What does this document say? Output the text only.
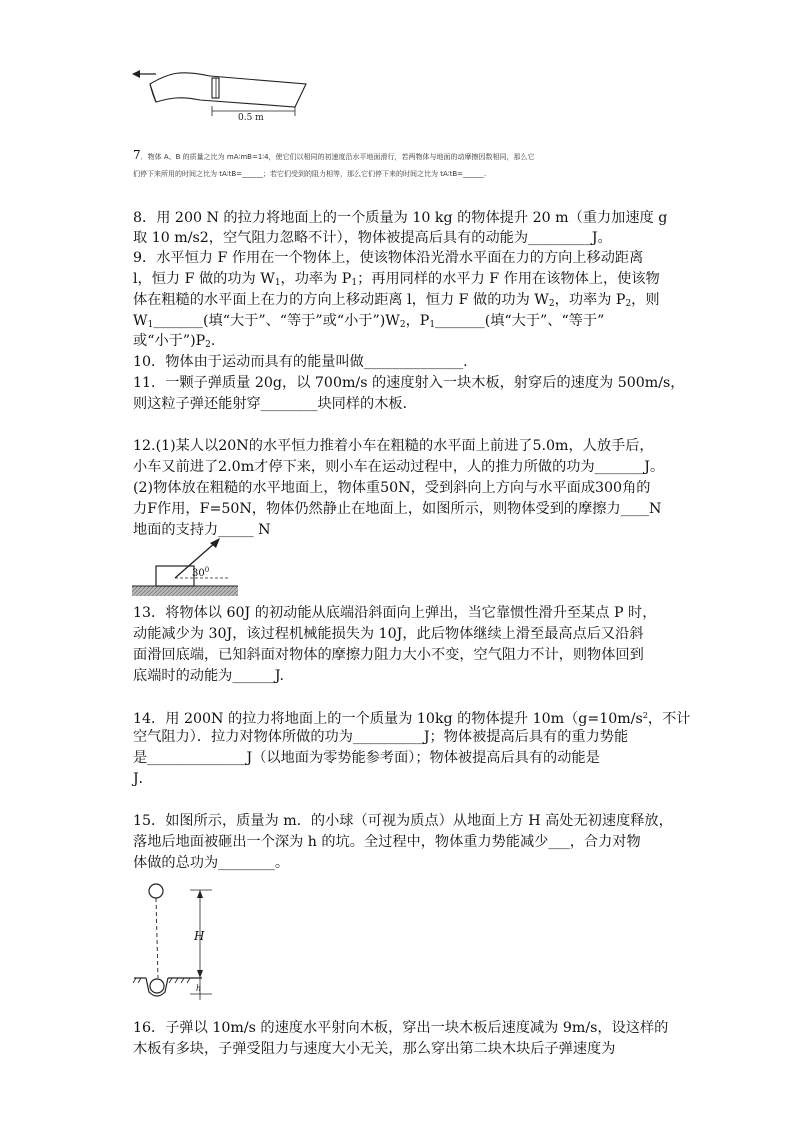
0.5 m
7．物体 A、B 的质量之比为 mA∶mB=1∶4，使它们以相同的初速度沿水平地面滑行，若两物体与地面的动摩擦因数相同，那么它
们停下来所用的时间之比为 tA∶tB=______；若它们受到的阻力相等，那么它们停下来的时间之比为 tA∶tB=______.
8．用 200 N 的拉力将地面上的一个质量为 10 kg 的物体提升 20 m（重力加速度 g
取 10 m/s2，空气阻力忽略不计），物体被提高后具有的动能为_________J。
9．水平恒力 F 作用在一个物体上，使该物体沿光滑水平面在力的方向上移动距离
l，恒力 F 做的功为 $W_1$，功率为 $P_1$；再用同样的水平力 F 作用在该物体上，使该物
体在粗糙的水平面上在力的方向上移动距离 l，恒力 F 做的功为 $W_2$，功率为 $P_2$，则
$W_1\_\_\_\_\_\_\_$(填“大于”、“等于”或“小于$”)W_2$，$P_1\_\_\_\_\_\_\_$(填“大于”、“等于”
或“小于$”)P_2$.
10．物体由于运动而具有的能量叫做______________.
11．一颗子弹质量 20g，以 700m/s 的速度射入一块木板，射穿后的速度为 500m/s，
则这粒子弹还能射穿________块同样的木板．
12.(1)某人以20N的水平恒力推着小车在粗糙的水平面上前进了5.0m，人放手后，
小车又前进了2.0m才停下来，则小车在运动过程中，人的推力所做的功为_______J。
(2)物体放在粗糙的水平地面上，物体重50N，受到斜向上方向与水平面成300角的
力F作用，F=50N，物体仍然静止在地面上，如图所示，则物体受到的摩擦力____N
地面的支持力_____ N
$30^0$
13．将物体以 60J 的初动能从底端沿斜面向上弹出，当它靠惯性滑升至某点 P 时，
动能减少为 30J，该过程机械能损失为 10J，此后物体继续上滑至最高点后又沿斜
面滑回底端，已知斜面对物体的摩擦力阻力大小不变，空气阻力不计，则物体回到
底端时的动能为______J.
14．用 200N 的拉力将地面上的一个质量为 10kg 的物体提升 $10m(g=10m/s^2$，不计
空气阻力）．拉力对物体所做的功为__________J；物体被提高后具有的重力势能
是______________J（以地面为零势能参考面）；物体被提高后具有的动能是
J．
15．如图所示，质量为 m．的小球（可视为质点）从地面上方 H 高处无初速度释放，
落地后地面被砸出一个深为 h 的坑。全过程中，物体重力势能减少___，合力对物
体做的总功为________。
H
h
16．子弹以 10m/s 的速度水平射向木板，穿出一块木板后速度减为 9m/s，设这样的
木板有多块，子弹受阻力与速度大小无关，那么穿出第二块木块后子弹速度为
